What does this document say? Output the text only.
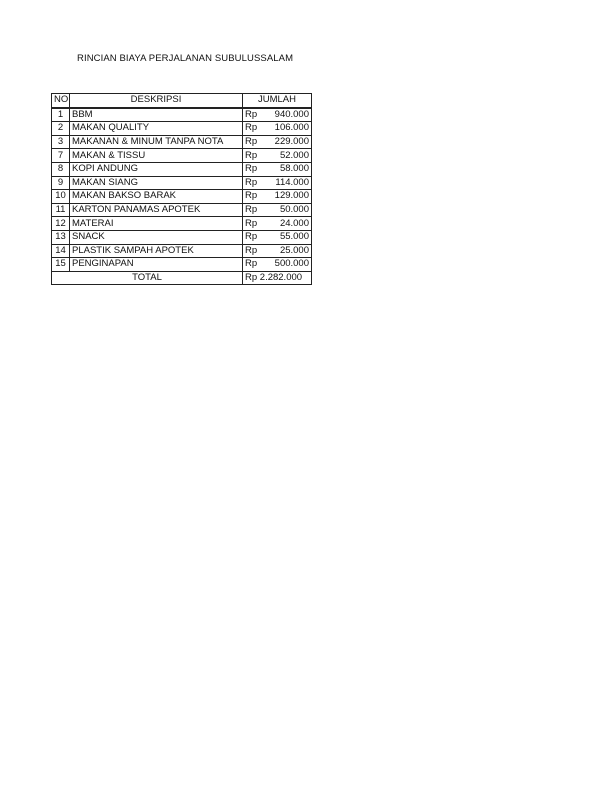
RINCIAN BIAYA PERJALANAN SUBULUSSALAM
NO	DESKRIPSI	JUMLAH
1	BBM	Rp 940.000

2	MAKAN QUALITY	Rp 106.000

3	MAKANAN & MINUM TANPA NOTA	Rp 229.000

7	MAKAN & TISSU	Rp 52.000

8	KOPI ANDUNG	Rp 58.000

9	MAKAN SIANG	Rp 114.000

10	MAKAN BAKSO BARAK	Rp 129.000

11	KARTON PANAMAS APOTEK	Rp 50.000

12	MATERAI	Rp 24.000

13	SNACK	Rp 55.000

14	PLASTIK SAMPAH APOTEK	Rp 25.000

15	PENGINAPAN	Rp 500.000

TOTAL		Rp 2.282.000
